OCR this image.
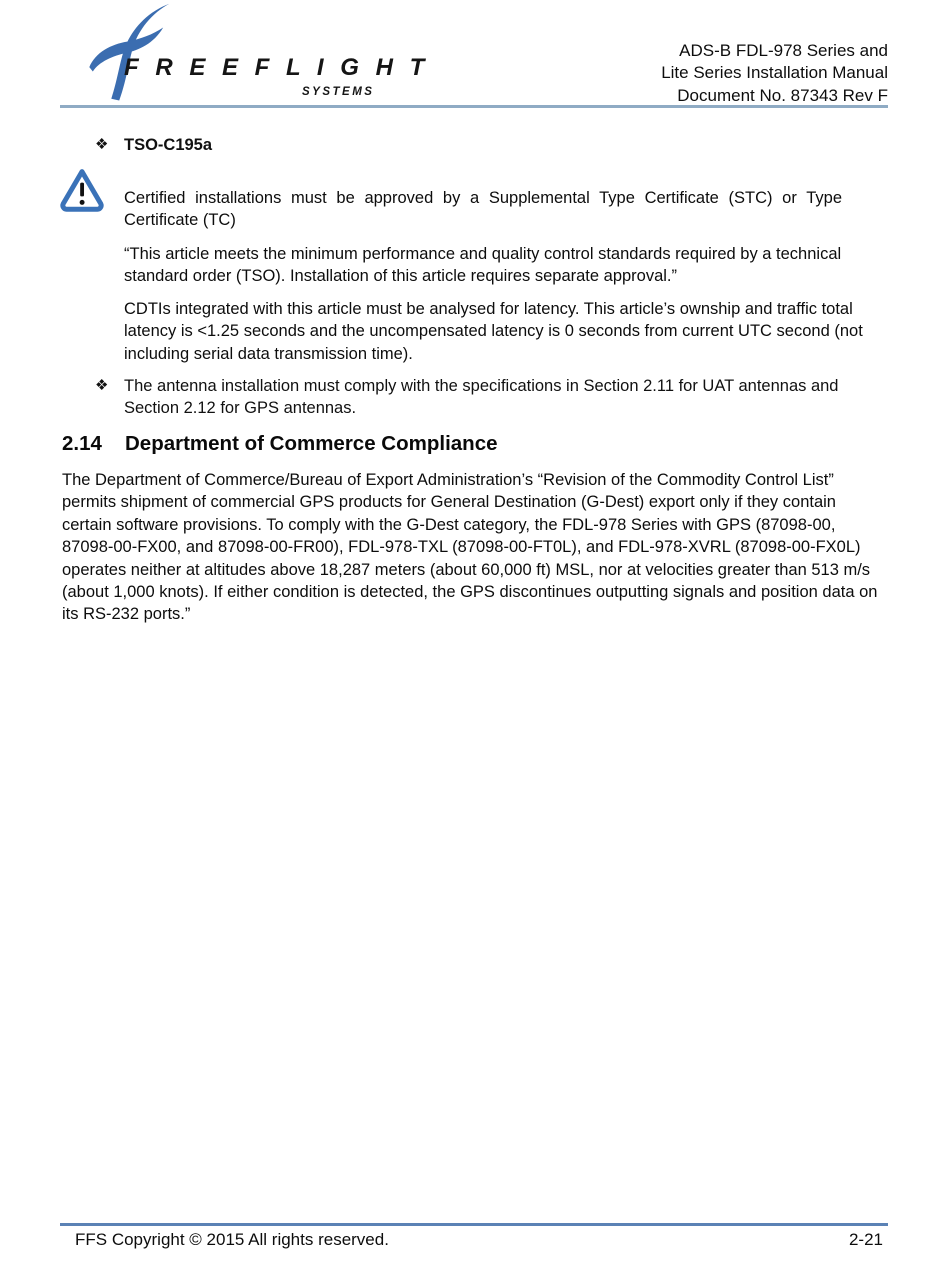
F R E E F L I G H T
SYSTEMS
ADS-B FDL-978 Series and
Lite Series Installation Manual
Document No. 87343 Rev F
❖ TSO-C195a

Certified installations must be approved by a Supplemental Type Certificate (STC) or Type Certificate (TC)

“This article meets the minimum performance and quality control standards required by a technical standard order (TSO). Installation of this article requires separate approval.”

CDTIs integrated with this article must be analysed for latency. This article’s ownship and traffic total latency is <1.25 seconds and the uncompensated latency is 0 seconds from current UTC second (not including serial data transmission time).

❖ The antenna installation must comply with the specifications in Section 2.11 for UAT antennas and Section 2.12 for GPS antennas.
2.14	Department of Commerce Compliance

The Department of Commerce/Bureau of Export Administration’s “Revision of the Commodity Control List” permits shipment of commercial GPS products for General Destination (G-Dest) export only if they contain certain software provisions. To comply with the G-Dest category, the FDL-978 Series with GPS (87098-00, 87098-00-FX00, and 87098-00-FR00), FDL-978-TXL (87098-00-FT0L), and FDL-978-XVRL (87098-00-FX0L) operates neither at altitudes above 18,287 meters (about 60,000 ft) MSL, nor at velocities greater than 513 m/s (about 1,000 knots). If either condition is detected, the GPS discontinues outputting signals and position data on its RS-232 ports.”

FFS Copyright © 2015 All rights reserved.	2-21
